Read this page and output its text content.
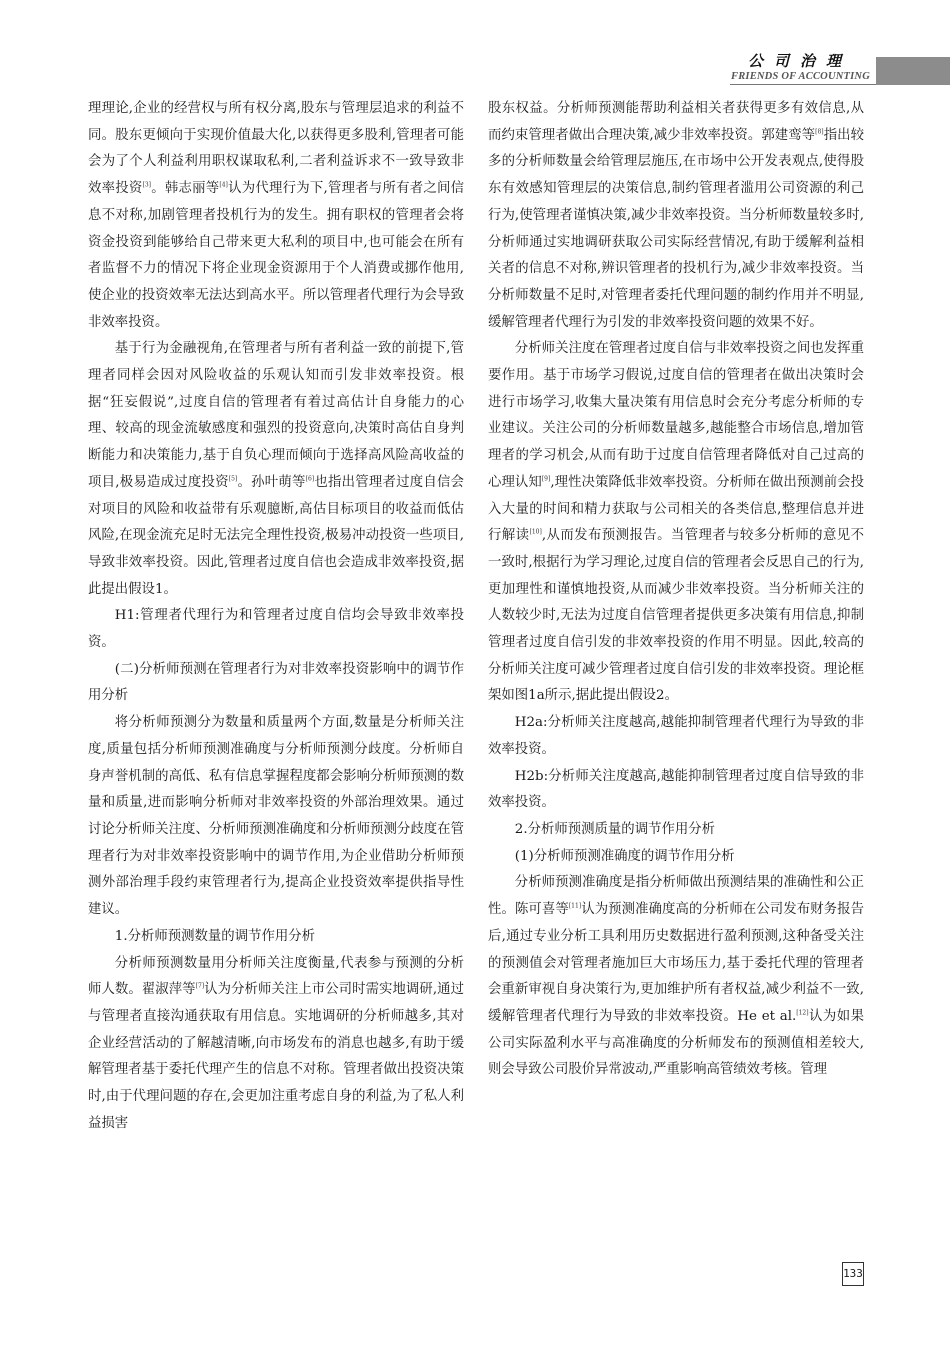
公司治理
FRIENDS OF ACCOUNTING

理理论,企业的经营权与所有权分离,股东与管理层追求的利益不同。股东更倾向于实现价值最大化,以获得更多股利,管理者可能会为了个人利益利用职权谋取私利,二者利益诉求不一致导致非效率投资[3]。韩志丽等[4]认为代理行为下,管理者与所有者之间信息不对称,加剧管理者投机行为的发生。拥有职权的管理者会将资金投资到能够给自己带来更大私利的项目中,也可能会在所有者监督不力的情况下将企业现金资源用于个人消费或挪作他用,使企业的投资效率无法达到高水平。所以管理者代理行为会导致非效率投资。

基于行为金融视角,在管理者与所有者利益一致的前提下,管理者同样会因对风险收益的乐观认知而引发非效率投资。根据“狂妄假说”,过度自信的管理者有着过高估计自身能力的心理、较高的现金流敏感度和强烈的投资意向,决策时高估自身判断能力和决策能力,基于自负心理而倾向于选择高风险高收益的项目,极易造成过度投资[5]。孙叶萌等[6]也指出管理者过度自信会对项目的风险和收益带有乐观臆断,高估目标项目的收益而低估风险,在现金流充足时无法完全理性投资,极易冲动投资一些项目,导致非效率投资。因此,管理者过度自信也会造成非效率投资,据此提出假设1。

H1:管理者代理行为和管理者过度自信均会导致非效率投资。

(二)分析师预测在管理者行为对非效率投资影响中的调节作用分析

将分析师预测分为数量和质量两个方面,数量是分析师关注度,质量包括分析师预测准确度与分析师预测分歧度。分析师自身声誉机制的高低、私有信息掌握程度都会影响分析师预测的数量和质量,进而影响分析师对非效率投资的外部治理效果。通过讨论分析师关注度、分析师预测准确度和分析师预测分歧度在管理者行为对非效率投资影响中的调节作用,为企业借助分析师预测外部治理手段约束管理者行为,提高企业投资效率提供指导性建议。

1.分析师预测数量的调节作用分析

分析师预测数量用分析师关注度衡量,代表参与预测的分析师人数。翟淑萍等[7]认为分析师关注上市公司时需实地调研,通过与管理者直接沟通获取有用信息。实地调研的分析师越多,其对企业经营活动的了解越清晰,向市场发布的消息也越多,有助于缓解管理者基于委托代理产生的信息不对称。管理者做出投资决策时,由于代理问题的存在,会更加注重考虑自身的利益,为了私人利益损害

股东权益。分析师预测能帮助利益相关者获得更多有效信息,从而约束管理者做出合理决策,减少非效率投资。郭建鸾等[8]指出较多的分析师数量会给管理层施压,在市场中公开发表观点,使得股东有效感知管理层的决策信息,制约管理者滥用公司资源的利己行为,使管理者谨慎决策,减少非效率投资。当分析师数量较多时,分析师通过实地调研获取公司实际经营情况,有助于缓解利益相关者的信息不对称,辨识管理者的投机行为,减少非效率投资。当分析师数量不足时,对管理者委托代理问题的制约作用并不明显,缓解管理者代理行为引发的非效率投资问题的效果不好。

分析师关注度在管理者过度自信与非效率投资之间也发挥重要作用。基于市场学习假说,过度自信的管理者在做出决策时会进行市场学习,收集大量决策有用信息时会充分考虑分析师的专业建议。关注公司的分析师数量越多,越能整合市场信息,增加管理者的学习机会,从而有助于过度自信管理者降低对自己过高的心理认知[9],理性决策降低非效率投资。分析师在做出预测前会投入大量的时间和精力获取与公司相关的各类信息,整理信息并进行解读[10],从而发布预测报告。当管理者与较多分析师的意见不一致时,根据行为学习理论,过度自信的管理者会反思自己的行为,更加理性和谨慎地投资,从而减少非效率投资。当分析师关注的人数较少时,无法为过度自信管理者提供更多决策有用信息,抑制管理者过度自信引发的非效率投资的作用不明显。因此,较高的分析师关注度可减少管理者过度自信引发的非效率投资。理论框架如图1a所示,据此提出假设2。

H2a:分析师关注度越高,越能抑制管理者代理行为导致的非效率投资。

H2b:分析师关注度越高,越能抑制管理者过度自信导致的非效率投资。

2.分析师预测质量的调节作用分析

(1)分析师预测准确度的调节作用分析

分析师预测准确度是指分析师做出预测结果的准确性和公正性。陈可喜等[11]认为预测准确度高的分析师在公司发布财务报告后,通过专业分析工具利用历史数据进行盈利预测,这种备受关注的预测值会对管理者施加巨大市场压力,基于委托代理的管理者会重新审视自身决策行为,更加维护所有者权益,减少利益不一致,缓解管理者代理行为导致的非效率投资。He et al.[12]认为如果公司实际盈利水平与高准确度的分析师发布的预测值相差较大,则会导致公司股价异常波动,严重影响高管绩效考核。管理

133
